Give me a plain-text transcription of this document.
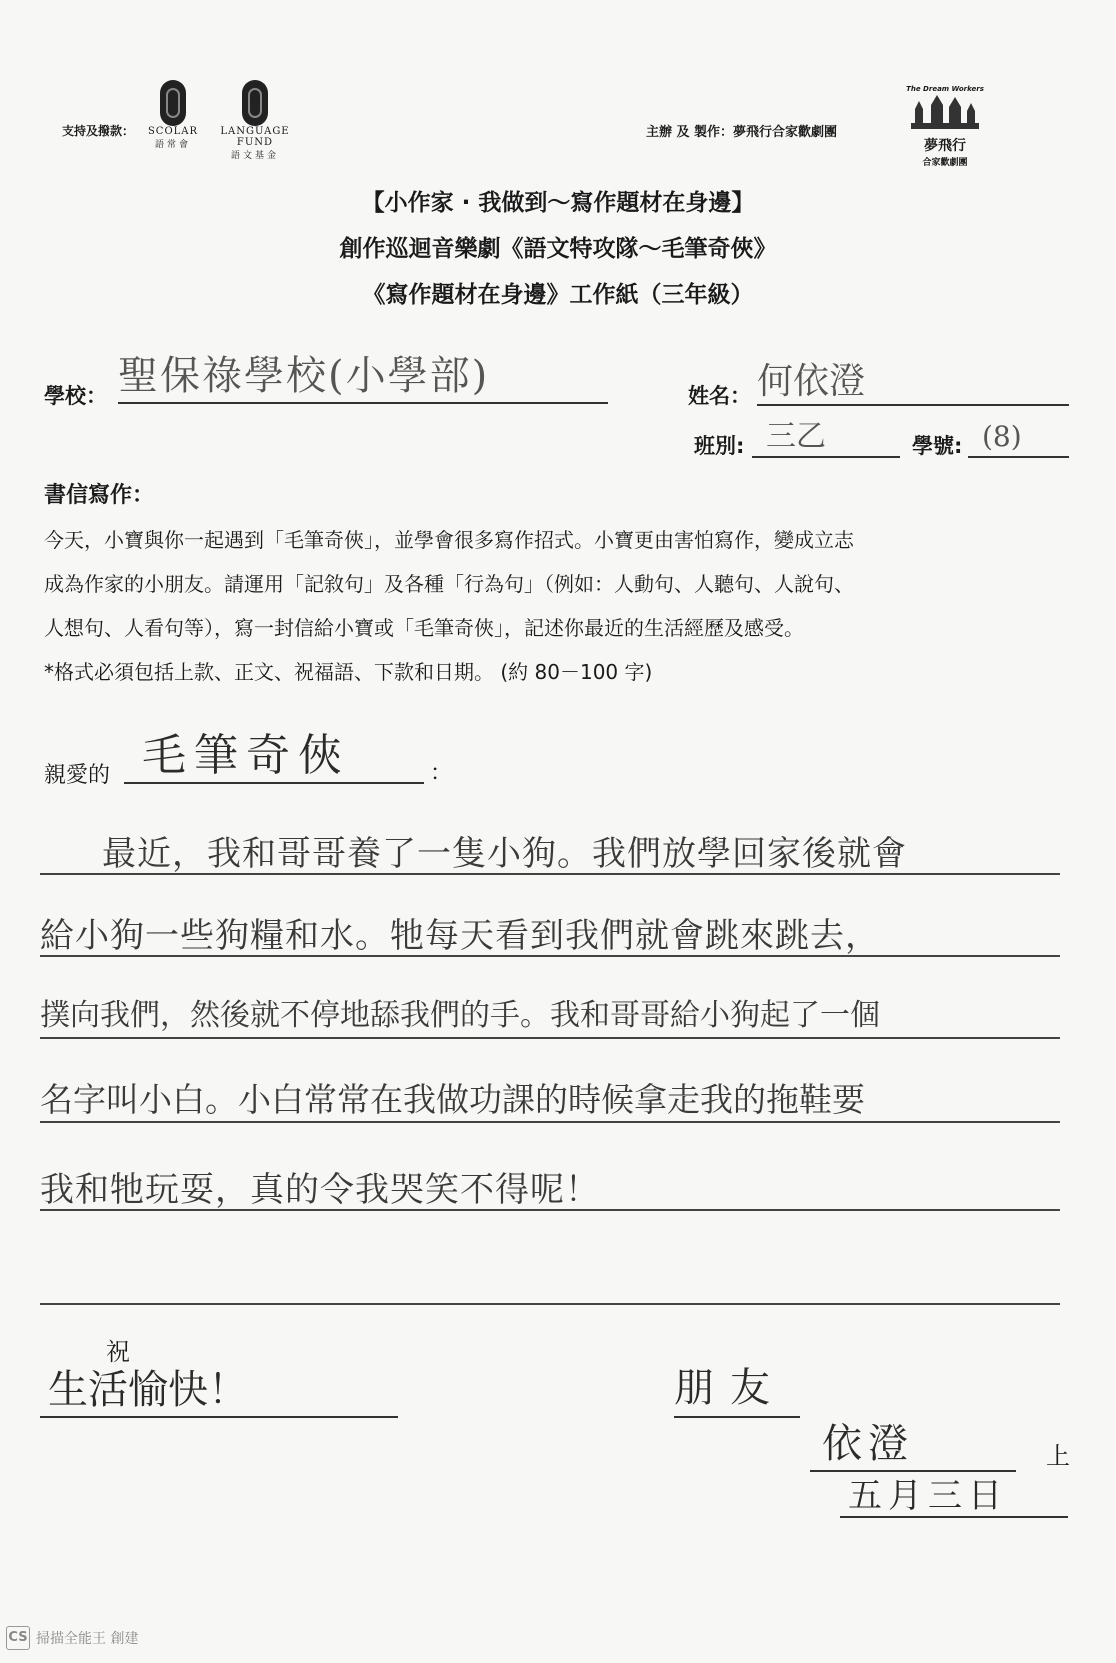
支持及撥款：	SCOLAR
語常會
LANGUAGE FUND
語文基金
主辦 及 製作：夢飛行合家歡劇團
The Dream Workers
夢飛行
合家歡劇團
【小作家 · 我做到～寫作題材在身邊】
創作巡迴音樂劇《語文特攻隊～毛筆奇俠》
《寫作題材在身邊》工作紙（三年級）
學校： 聖保祿學校(小學部)	姓名： 何依澄
班別: 三乙	學號: (8)
書信寫作：

今天，小寶與你一起遇到「毛筆奇俠」，並學會很多寫作招式。小寶更由害怕寫作，變成立志

成為作家的小朋友。請運用「記敘句」及各種「行為句」（例如：人動句、人聽句、人說句、

人想句、人看句等），寫一封信給小寶或「毛筆奇俠」，記述你最近的生活經歷及感受。

*格式必須包括上款、正文、祝福語、下款和日期。 (約 80－100 字)

親愛的 毛筆奇俠	：
最近，我和哥哥養了一隻小狗。我們放學回家後就會
給小狗一些狗糧和水。牠每天看到我們就會跳來跳去，
撲向我們，然後就不停地舔我們的手。我和哥哥給小狗起了一個
名字叫小白。小白常常在我做功課的時候拿走我的拖鞋要
我和牠玩耍，真的令我哭笑不得呢！
祝
生活愉快！	朋友
依澄	上
五月三日
CS 掃描全能王 創建
